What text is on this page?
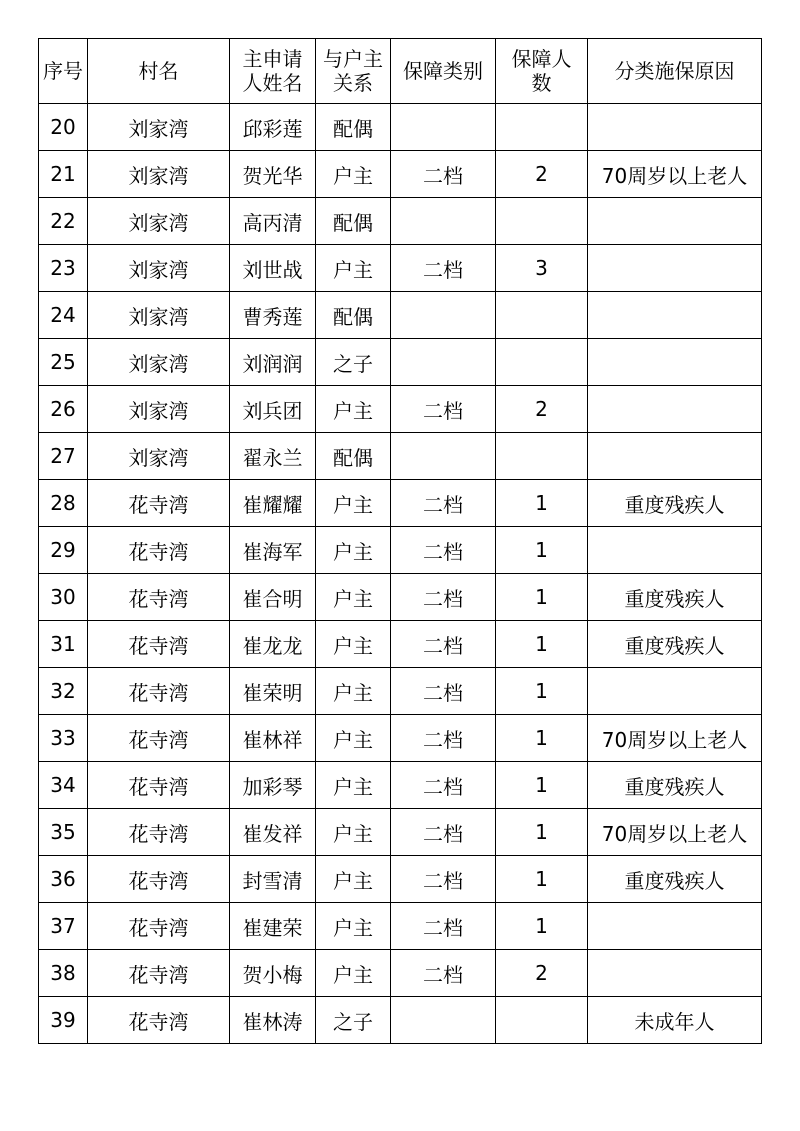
序号	村名	主申请人姓名	与户主关系	保障类别	保障人数	分类施保原因

20	刘家湾	邱彩莲	配偶			
21	刘家湾	贺光华	户主	二档	2	70周岁以上老人
22	刘家湾	高丙清	配偶			
23	刘家湾	刘世战	户主	二档	3	
24	刘家湾	曹秀莲	配偶			
25	刘家湾	刘润润	之子			
26	刘家湾	刘兵团	户主	二档	2	
27	刘家湾	翟永兰	配偶			
28	花寺湾	崔耀耀	户主	二档	1	重度残疾人
29	花寺湾	崔海军	户主	二档	1	
30	花寺湾	崔合明	户主	二档	1	重度残疾人
31	花寺湾	崔龙龙	户主	二档	1	重度残疾人
32	花寺湾	崔荣明	户主	二档	1	
33	花寺湾	崔林祥	户主	二档	1	70周岁以上老人
34	花寺湾	加彩琴	户主	二档	1	重度残疾人
35	花寺湾	崔发祥	户主	二档	1	70周岁以上老人
36	花寺湾	封雪清	户主	二档	1	重度残疾人
37	花寺湾	崔建荣	户主	二档	1	
38	花寺湾	贺小梅	户主	二档	2	
39	花寺湾	崔林涛	之子			未成年人
